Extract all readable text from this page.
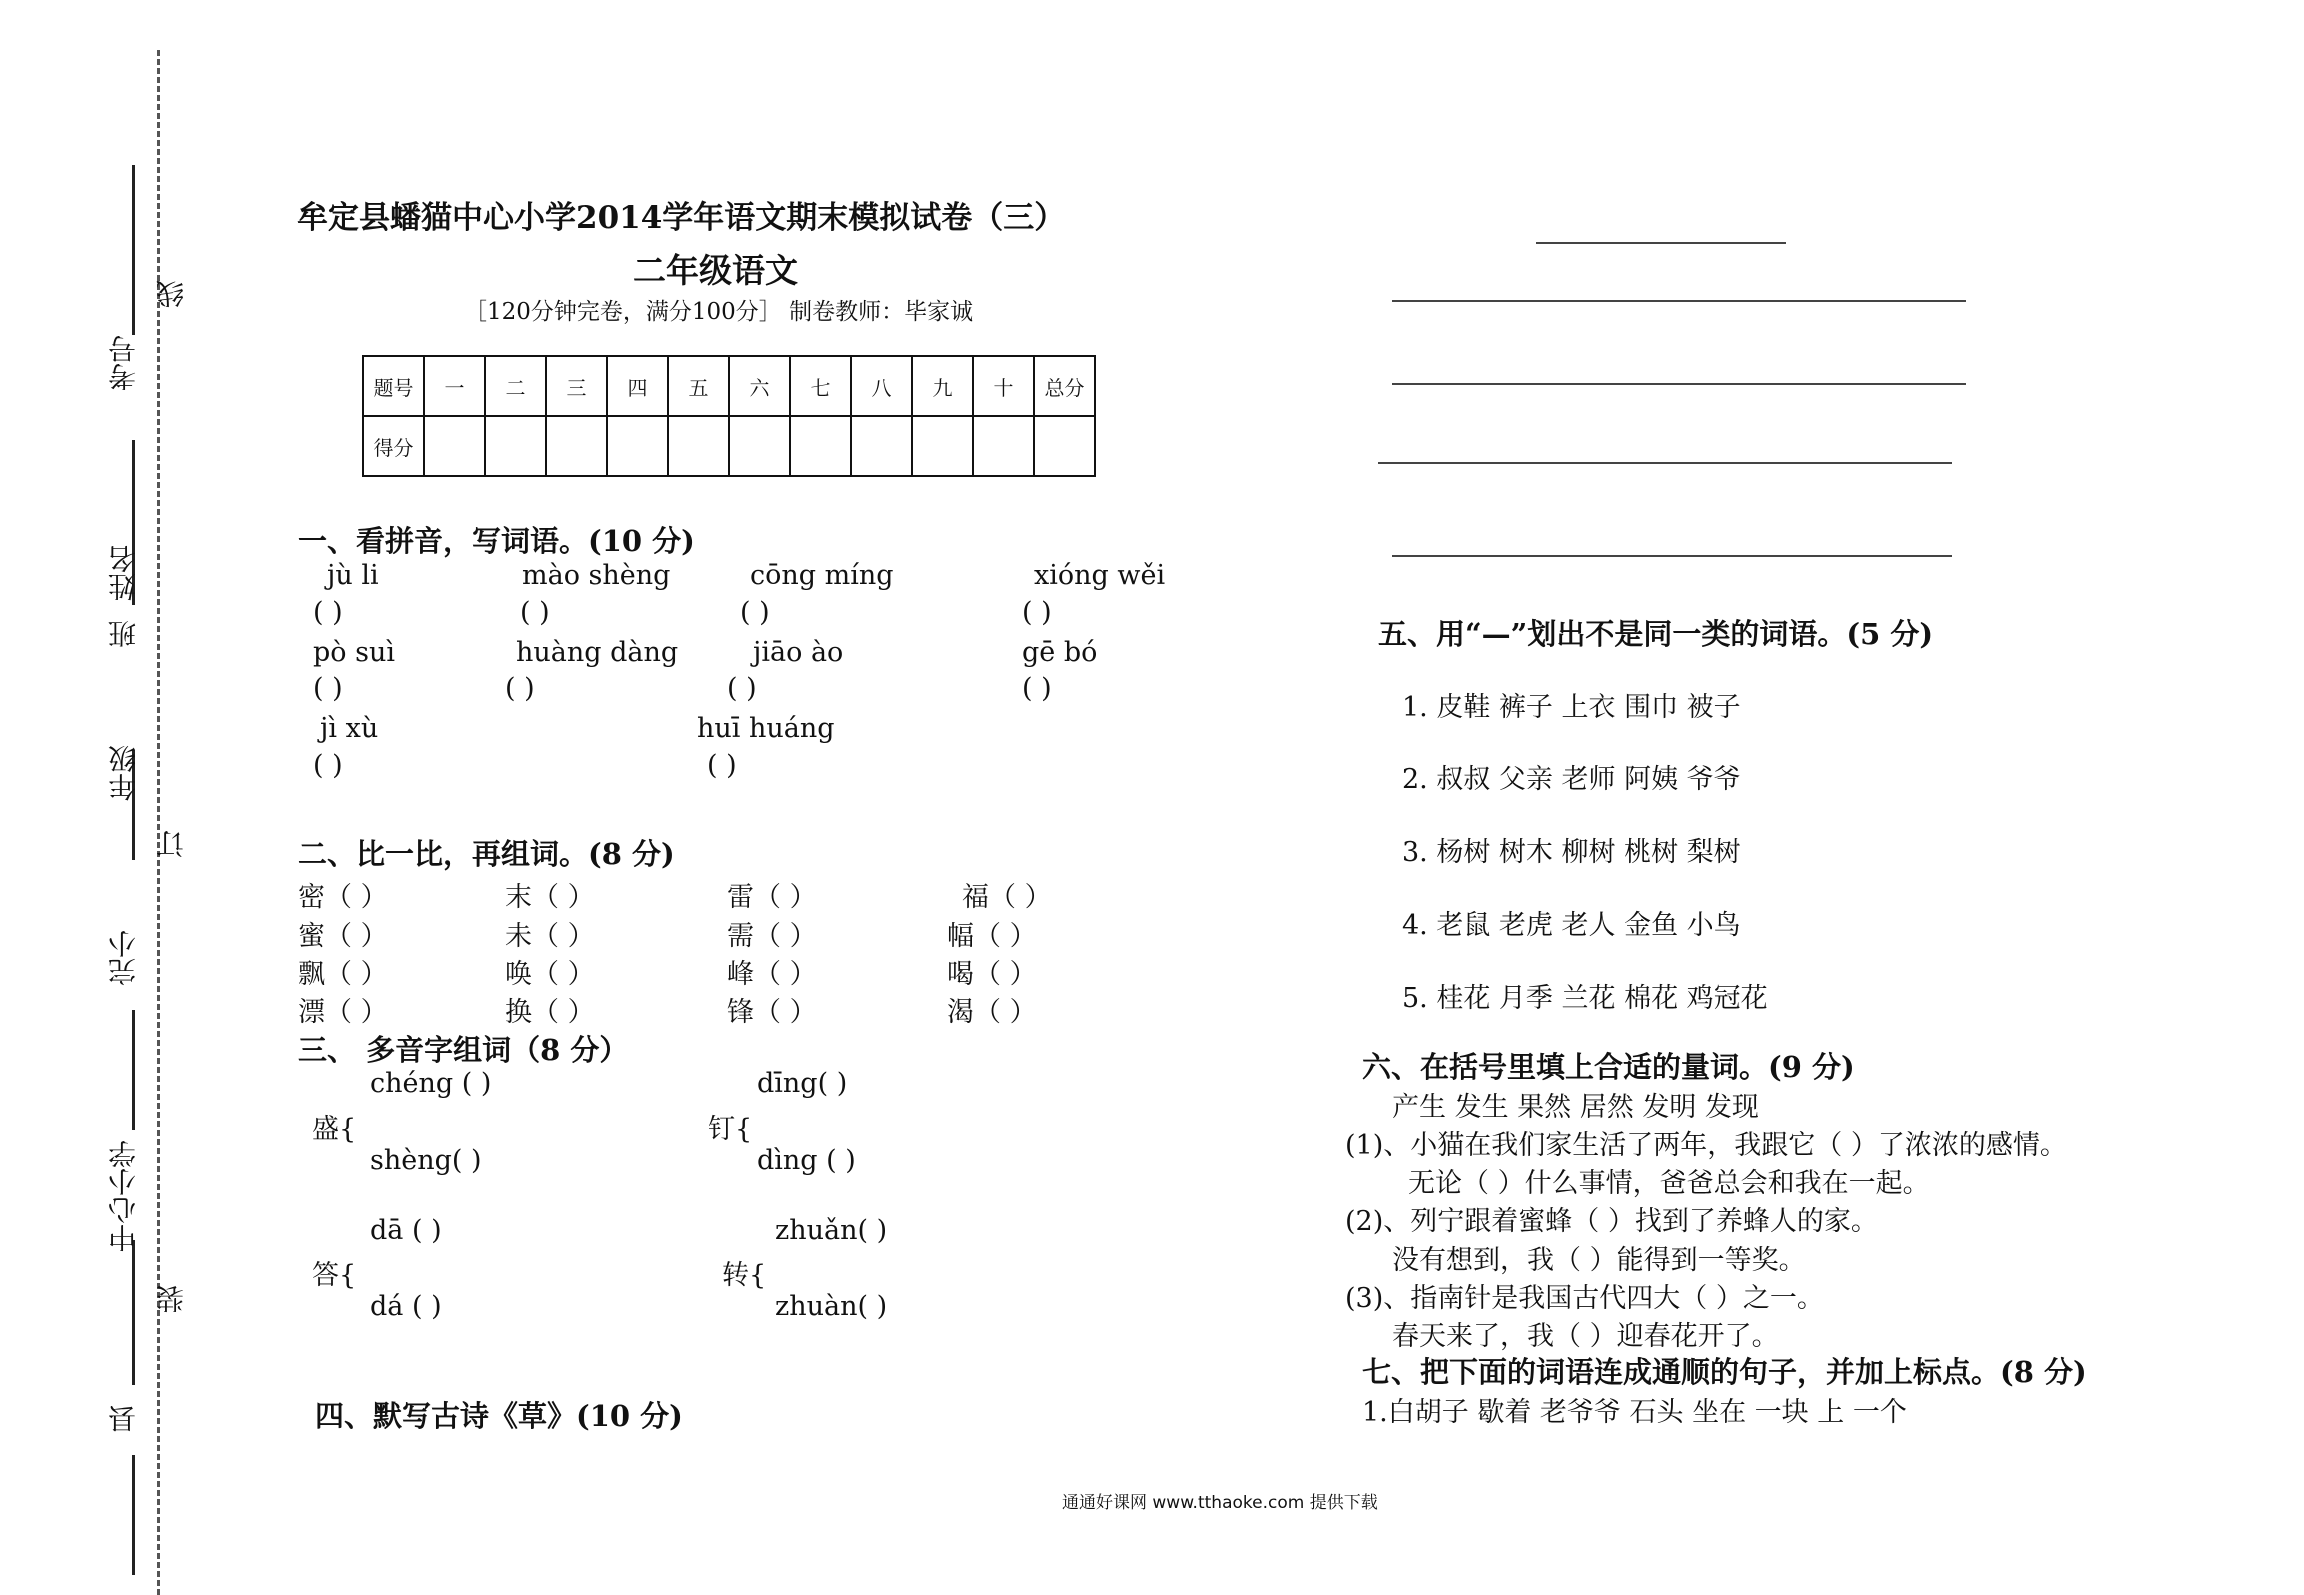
考号
线
姓名
班
年级
订
完小
中心小学
装
县
牟定县蟠猫中心小学2014学年语文期末模拟试卷（三）
二年级语文
［120分钟完卷，满分100分］ 制卷教师：毕家诚
题号	一	二	三	四	五	六	七	八	九	十	总分
得分											
一、看拼音，写词语。(10 分)
jù li	mào shèng	cōng míng	xióng wěi
( )	( )	( )	( )
pò suì	huàng dàng	jiāo ào	gē bó
( )	( )	( )	( )
jì xù	huī huáng
( )	( )
二、比一比，再组词。(8 分)
密（ ）	末（ ）	雷（ ）	福（ ）
蜜（ ）	未（ ）	需（ ）	幅（ ）
飘（ ）	唤（ ）	峰（ ）	喝（ ）
漂（ ）	换（ ）	锋（ ）	渴（ ）
三、 多音字组词（8 分）
chéng ( )
盛{
shèng( )
dīng( )
钉{
dìng ( )
dā ( )
答{
dá ( )
zhuǎn( )
转{
zhuàn( )
四、默写古诗《草》(10 分)
五、用“—”划出不是同一类的词语。(5 分)
1. 皮鞋 裤子 上衣 围巾 被子
2. 叔叔 父亲 老师 阿姨 爷爷
3. 杨树 树木 柳树 桃树 梨树
4. 老鼠 老虎 老人 金鱼 小鸟
5. 桂花 月季 兰花 棉花 鸡冠花
六、在括号里填上合适的量词。(9 分)
产生 发生 果然 居然 发明 发现
(1)、小猫在我们家生活了两年，我跟它（ ）了浓浓的感情。
无论（ ）什么事情，爸爸总会和我在一起。
(2)、列宁跟着蜜蜂（ ）找到了养蜂人的家。
没有想到，我（ ）能得到一等奖。
(3)、指南针是我国古代四大（ ）之一。
春天来了，我（ ）迎春花开了。
七、把下面的词语连成通顺的句子，并加上标点。(8 分)
1.白胡子 歇着 老爷爷 石头 坐在 一块 上 一个
通通好课网 www.tthaoke.com 提供下载
